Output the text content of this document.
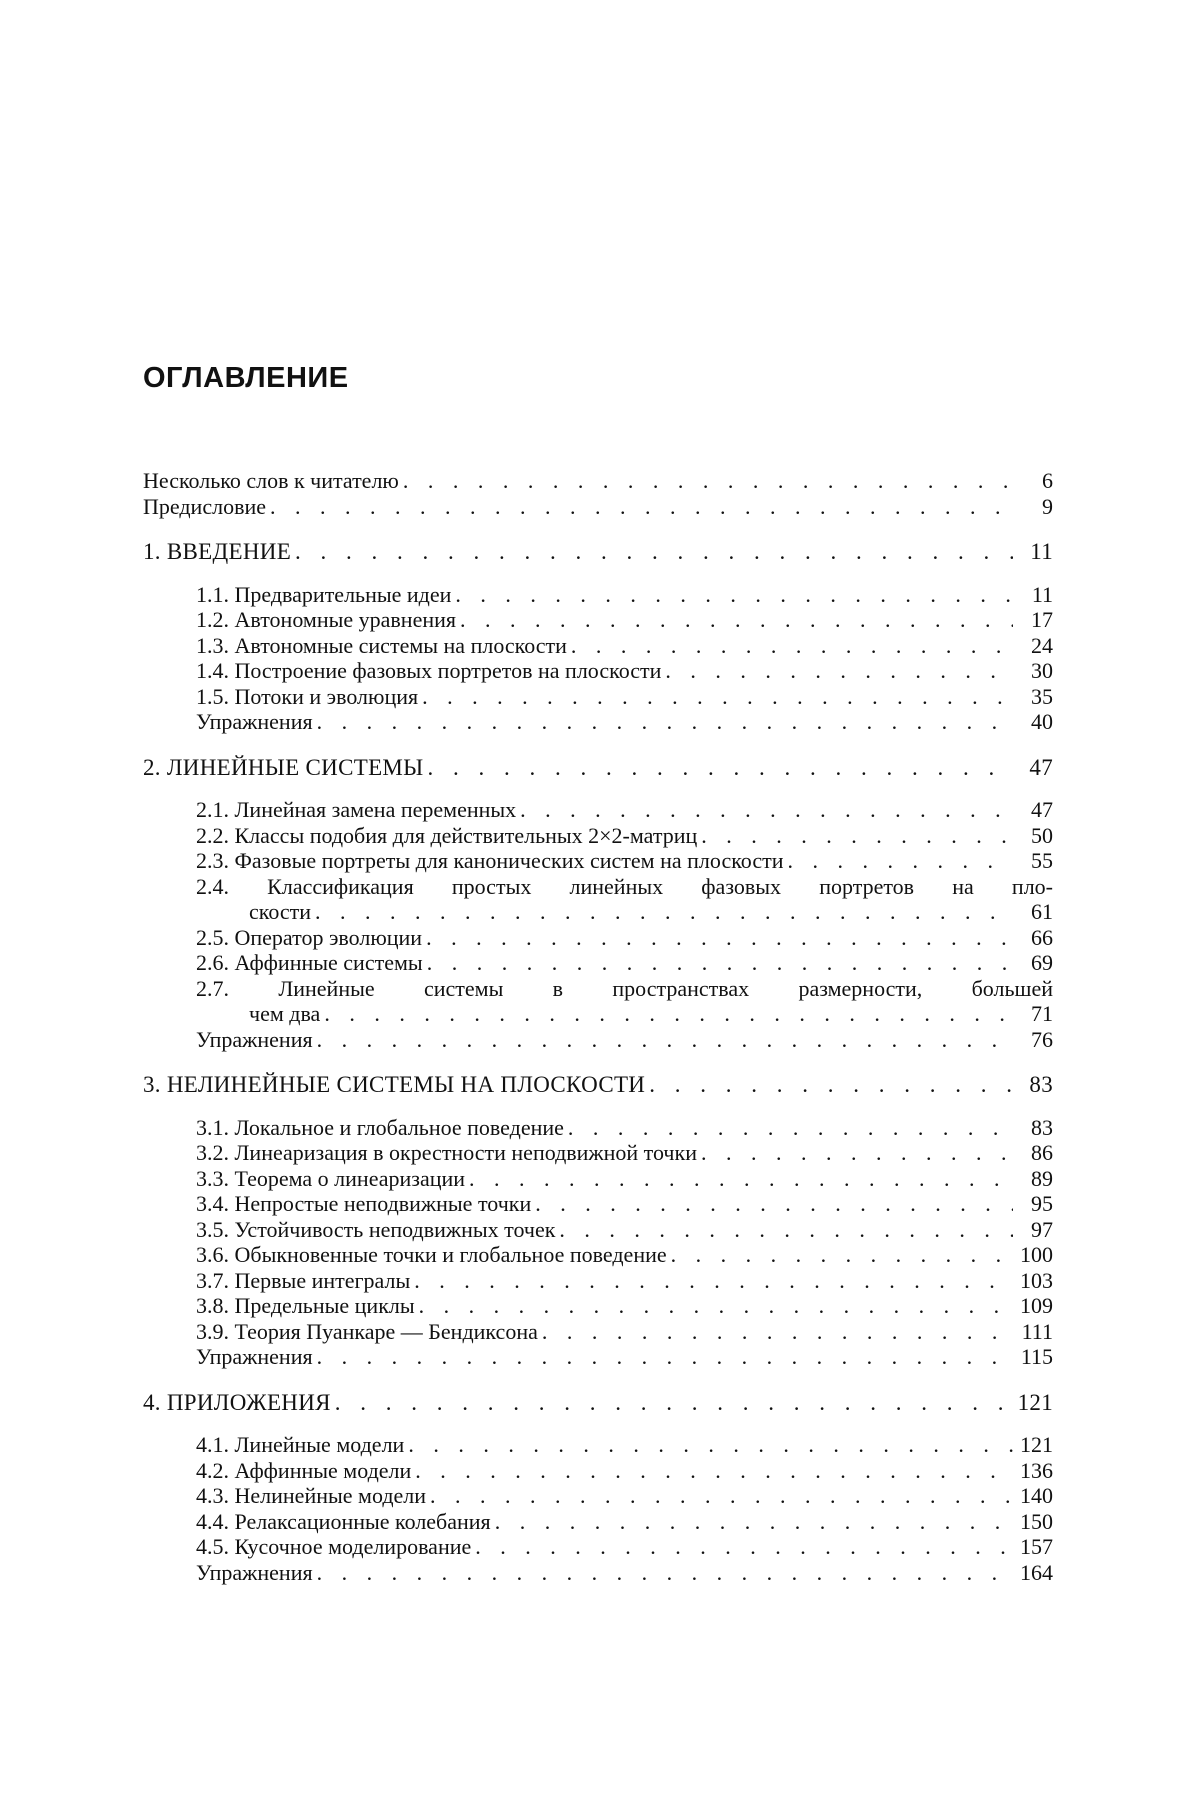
ОГЛАВЛЕНИЕ
Несколько слов к читателю . . .	6
Предисловие . . .	9
1. ВВЕДЕНИЕ . . .	11
1.1. Предварительные идеи . . .	11
1.2. Автономные уравнения . . .	17
1.3. Автономные системы на плоскости . . .	24
1.4. Построение фазовых портретов на плоскости . . .	30
1.5. Потоки и эволюция . . .	35
Упражнения . . .	40
2. ЛИНЕЙНЫЕ СИСТЕМЫ . . .	47
2.1. Линейная замена переменных . . .	47
2.2. Классы подобия для действительных 2×2-матриц . . .	50
2.3. Фазовые портреты для канонических систем на плоскости . . .	55
2.4. Классификация простых линейных фазовых портретов на пло-
скости . . .	61
2.5. Оператор эволюции . . .	66
2.6. Аффинные системы . . .	69
2.7. Линейные системы в пространствах размерности, большей
чем два . . .	71
Упражнения . . .	76
3. НЕЛИНЕЙНЫЕ СИСТЕМЫ НА ПЛОСКОСТИ . . .	83
3.1. Локальное и глобальное поведение . . .	83
3.2. Линеаризация в окрестности неподвижной точки . . .	86
3.3. Теорема о линеаризации . . .	89
3.4. Непростые неподвижные точки . . .	95
3.5. Устойчивость неподвижных точек . . .	97
3.6. Обыкновенные точки и глобальное поведение . . .	100
3.7. Первые интегралы . . .	103
3.8. Предельные циклы . . .	109
3.9. Теория Пуанкаре — Бендиксона . . .	111
Упражнения . . .	115
4. ПРИЛОЖЕНИЯ . . .	121
4.1. Линейные модели . . .	121
4.2. Аффинные модели . . .	136
4.3. Нелинейные модели . . .	140
4.4. Релаксационные колебания . . .	150
4.5. Кусочное моделирование . . .	157
Упражнения . . .	164
